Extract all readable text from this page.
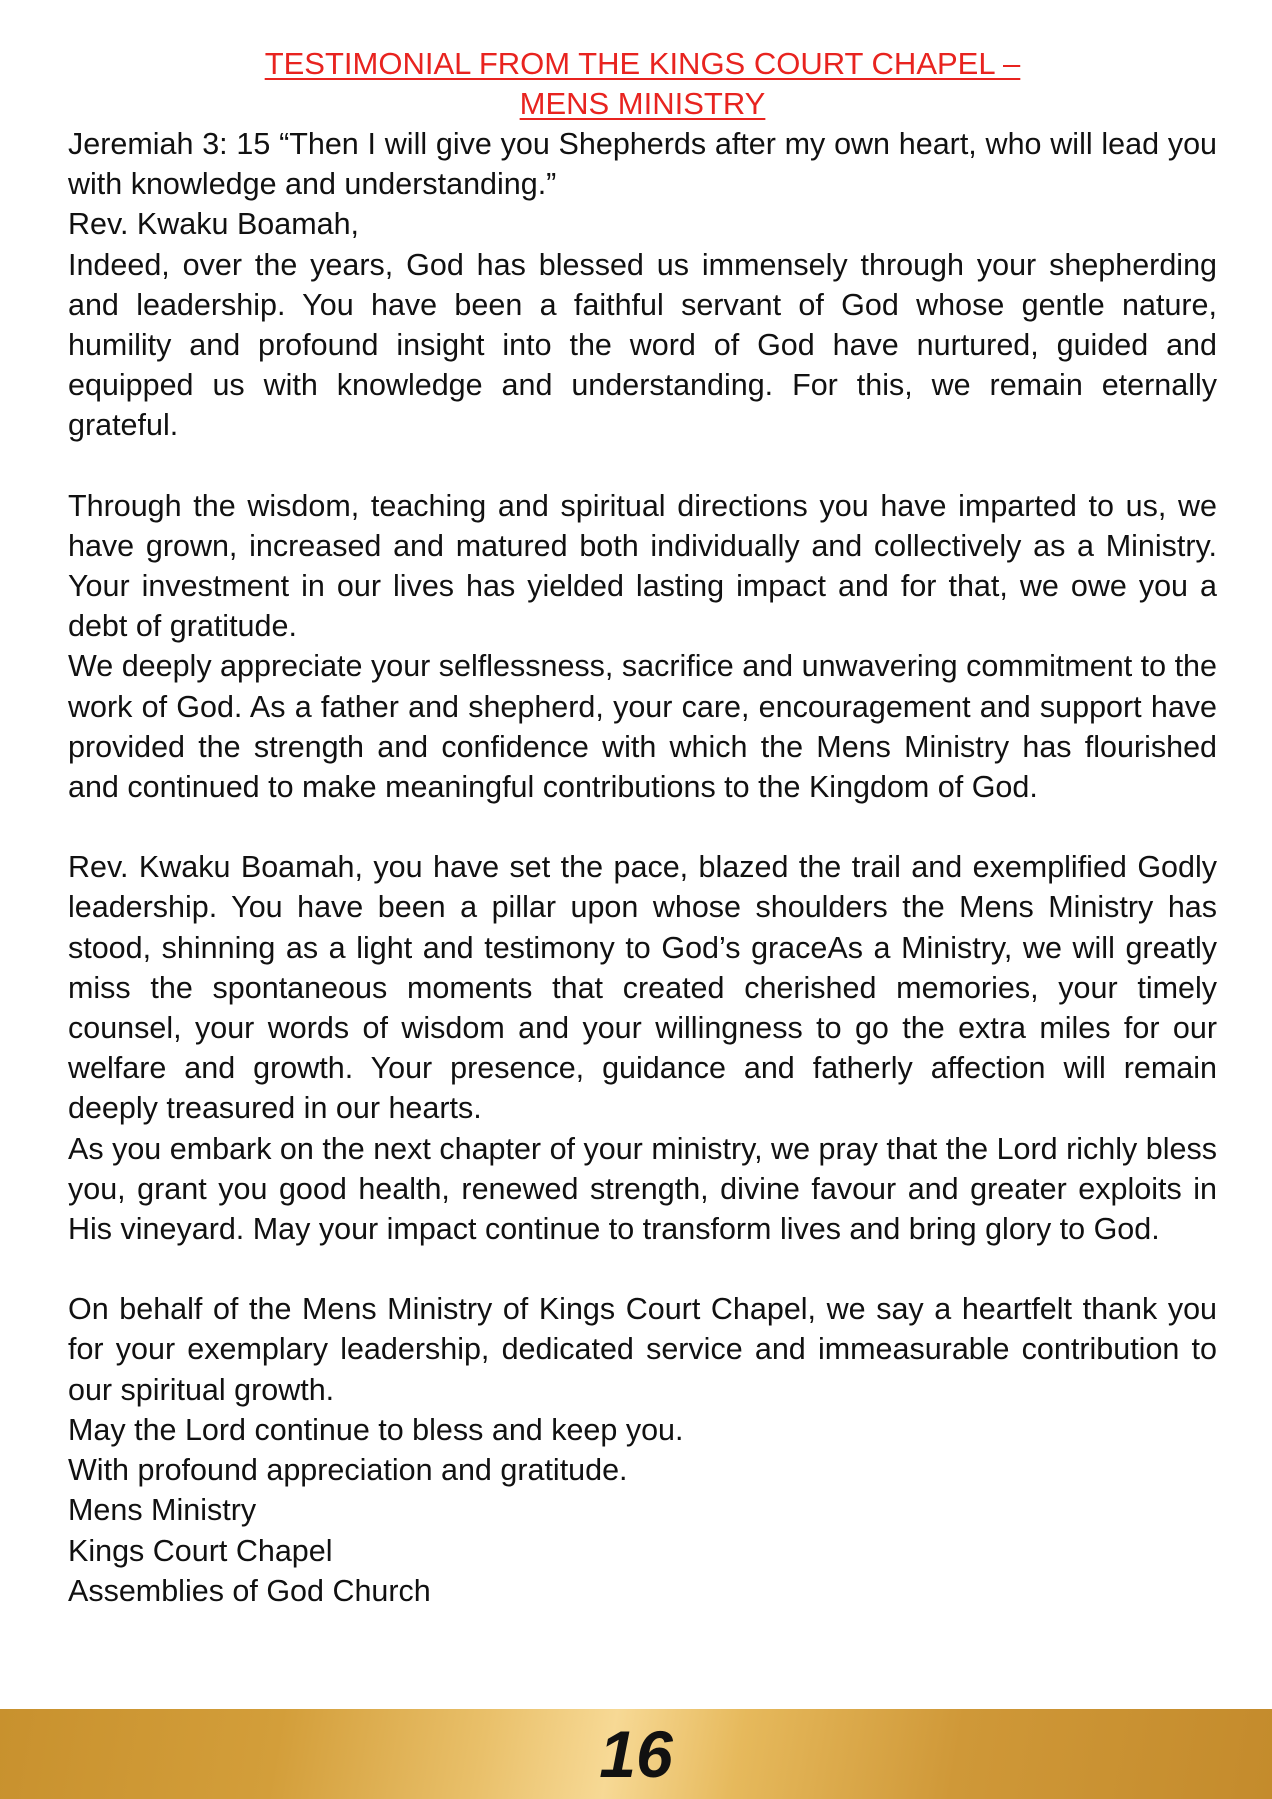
TESTIMONIAL FROM THE KINGS COURT CHAPEL –
MENS MINISTRY

Jeremiah 3: 15 “Then I will give you Shepherds after my own heart, who will lead you with knowledge and understanding.”

Rev. Kwaku Boamah,

Indeed, over the years, God has blessed us immensely through your shepherding and leadership. You have been a faithful servant of God whose gentle nature, humility and profound insight into the word of God have nurtured, guided and equipped us with knowledge and understanding. For this, we remain eternally grateful.

Through the wisdom, teaching and spiritual directions you have imparted to us, we have grown, increased and matured both individually and collectively as a Ministry. Your investment in our lives has yielded lasting impact and for that, we owe you a debt of gratitude.

We deeply appreciate your selflessness, sacrifice and unwavering commitment to the work of God. As a father and shepherd, your care, encouragement and support have provided the strength and confidence with which the Mens Ministry has flourished and continued to make meaningful contributions to the Kingdom of God.

Rev. Kwaku Boamah, you have set the pace, blazed the trail and exemplified Godly leadership. You have been a pillar upon whose shoulders the Mens Ministry has stood, shinning as a light and testimony to God’s graceAs a Ministry, we will greatly miss the spontaneous moments that created cherished memories, your timely counsel, your words of wisdom and your willingness to go the extra miles for our welfare and growth. Your presence, guidance and fatherly affection will remain deeply treasured in our hearts.

As you embark on the next chapter of your ministry, we pray that the Lord richly bless you, grant you good health, renewed strength, divine favour and greater exploits in His vineyard. May your impact continue to transform lives and bring glory to God.

On behalf of the Mens Ministry of Kings Court Chapel, we say a heartfelt thank you for your exemplary leadership, dedicated service and immeasurable contribution to our spiritual growth.

May the Lord continue to bless and keep you.

With profound appreciation and gratitude.

Mens Ministry

Kings Court Chapel

Assemblies of God Church

16
